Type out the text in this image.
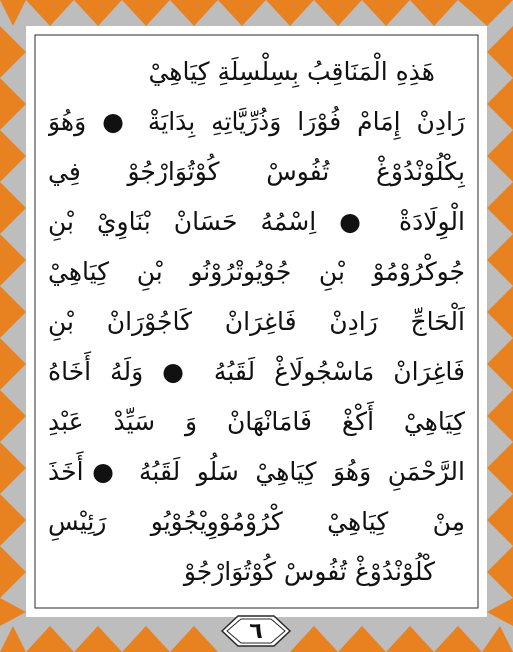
هَذِهِ الْمَنَاقِبُ بِسِلْسِلَةِ كِيَاهِيْ
رَادِنْ إِمَامْ فُوْرَا وَذُرِّيَّاتِهِ بِدَايَةْ ● وَهُوَ
بِكْلُوْنْدُوْغْ تُفُوسْ كُوْتُوَارْجُوْ فِي
الْوِلَادَةْ ● اِسْمُهُ حَسَانْ بْنَاوِيْ بْنِ
جُوكْرُوْمُوْ بْنِ جُوْيُوتْرُوْنُو بْنِ كِيَاهِيْ
اَلْحَاجِّ رَادِنْ فَاغِرَانْ كَاجُوْرَانْ بْنِ
فَاغِرَانْ مَاسْجُولَاغْ لَقَبُهُ ● وَلَهُ أَخَاهُ
كِيَاهِيْ أَكْغْ فَامَانْهَانْ وَ سَيِّدْ عَبْدِ
الرَّحْمَنِ وَهُوَ كِيَاهِيْ سَلُو لَقَبُهُ ●أَخَذَ
مِنْ كِيَاهِيْ كْرُوْمُوْوِيْجُوْيُو رَئِيْسِ
كْلُوْنْدُوْغْ تُفُوسْ كُوْتُوَارْجُوْ
٦
